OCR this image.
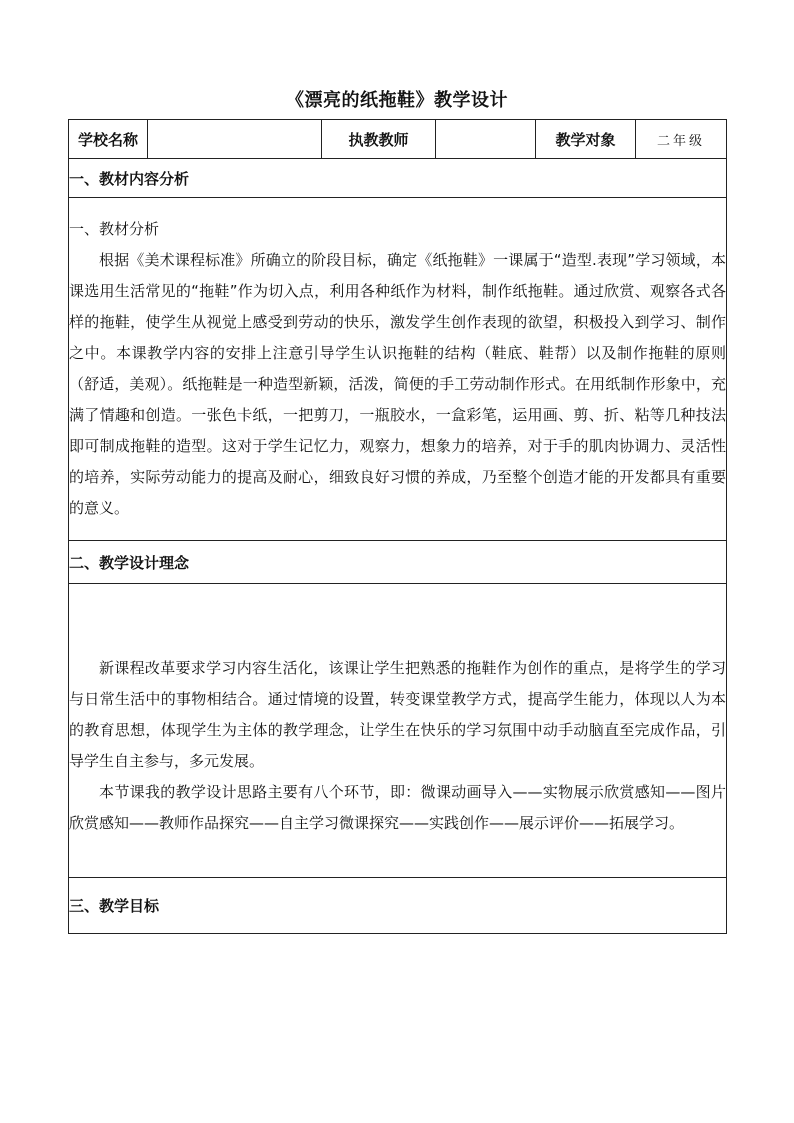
《漂亮的纸拖鞋》教学设计
学校名称		执教教师		教学对象	二年级
一、教材内容分析

一、教材分析

根据《美术课程标准》所确立的阶段目标，确定《纸拖鞋》一课属于“造型.表现”学习领域，本课选用生活常见的“拖鞋”作为切入点，利用各种纸作为材料，制作纸拖鞋。通过欣赏、观察各式各样的拖鞋，使学生从视觉上感受到劳动的快乐，激发学生创作表现的欲望，积极投入到学习、制作之中。本课教学内容的安排上注意引导学生认识拖鞋的结构（鞋底、鞋帮）以及制作拖鞋的原则（舒适，美观）。纸拖鞋是一种造型新颖，活泼，简便的手工劳动制作形式。在用纸制作形象中，充满了情趣和创造。一张色卡纸，一把剪刀，一瓶胶水，一盒彩笔，运用画、剪、折、粘等几种技法即可制成拖鞋的造型。这对于学生记忆力，观察力，想象力的培养，对于手的肌肉协调力、灵活性的培养，实际劳动能力的提高及耐心，细致良好习惯的养成，乃至整个创造才能的开发都具有重要的意义。

二、教学设计理念

新课程改革要求学习内容生活化，该课让学生把熟悉的拖鞋作为创作的重点，是将学生的学习与日常生活中的事物相结合。通过情境的设置，转变课堂教学方式，提高学生能力，体现以人为本的教育思想，体现学生为主体的教学理念，让学生在快乐的学习氛围中动手动脑直至完成作品，引导学生自主参与，多元发展。

本节课我的教学设计思路主要有八个环节，即：微课动画导入——实物展示欣赏感知——图片欣赏感知——教师作品探究——自主学习微课探究——实践创作——展示评价——拓展学习。

三、教学目标
